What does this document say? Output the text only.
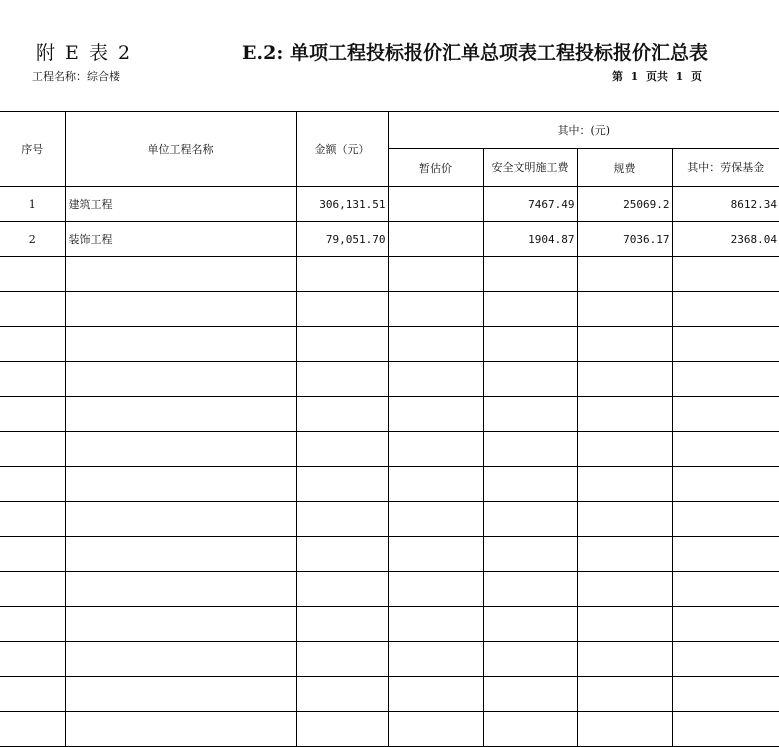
附 E 表 2
工程名称：综合楼
E.2: 单项工程投标报价汇单总项表工程投标报价汇总表
第  1  页共  1  页
序号	单位工程名称	金额（元）	其中：(元)			
			暂估价	安全文明施工费	规费	其中：劳保基金
1	建筑工程	306,131.51		7467.49	25069.2	8612.34
2	装饰工程	79,051.70		1904.87	7036.17	2368.04
